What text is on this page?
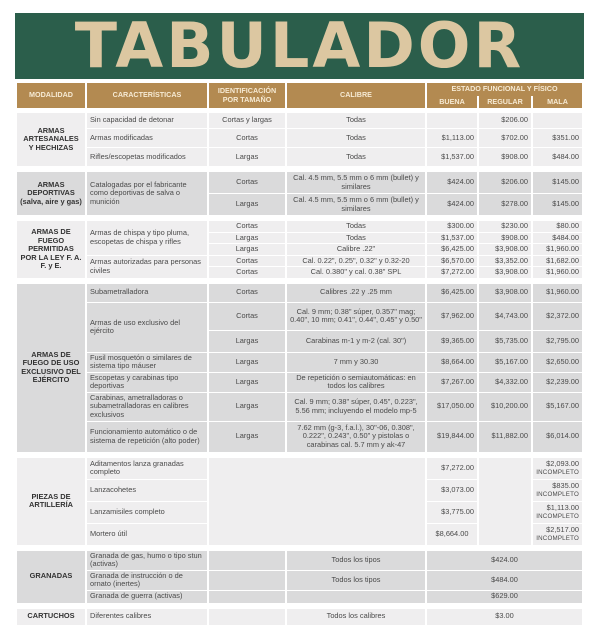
TABULADOR
MODALIDAD	CARACTERÍSTICAS	IDENTIFICACIÓN POR TAMAÑO	CALIBRE	ESTADO FUNCIONAL Y FÍSICO		
				BUENA	REGULAR	MALA

ARMAS ARTESANALES Y HECHIZAS	Sin capacidad de detonar	Cortas y largas	Todas		$206.00	
	Armas modificadas	Cortas	Todas	$1,113.00	$702.00	$351.00
	Rifles/escopetas modificados	Largas	Todas	$1,537.00	$908.00	$484.00

ARMAS DEPORTIVAS (salva, aire y gas)	Catalogadas por el fabricante como deportivas de salva o munición	Cortas	Cal. 4.5 mm, 5.5 mm o 6 mm (bullet) y similares	$424.00	$206.00	$145.00
		Largas	Cal. 4.5 mm, 5.5 mm o 6 mm (bullet) y similares	$424.00	$278.00	$145.00

ARMAS DE FUEGO PERMITIDAS POR LA LEY F. A. F. y E.	Armas de chispa y tipo pluma, escopetas de chispa y rifles	Cortas	Todas	$300.00	$230.00	$80.00
		Largas	Todas	$1,537.00	$908.00	$484.00
		Largas	Calibre .22"	$6,425.00	$3,908.00	$1,960.00
	Armas autorizadas para personas civiles	Cortas	Cal. 0.22", 0.25", 0.32" y 0.32-20	$6,570.00	$3,352.00	$1,682.00
		Cortas	Cal. 0.380" y cal. 0.38" SPL	$7,272.00	$3,908.00	$1,960.00

ARMAS DE FUEGO DE USO EXCLUSIVO DEL EJÉRCITO	Subametralladora	Cortas	Calibres .22 y .25 mm	$6,425.00	$3,908.00	$1,960.00
	Armas de uso exclusivo del ejército	Cortas	Cal. 9 mm; 0.38" súper, 0.357" mag; 0.40", 10 mm; 0.41", 0.44", 0.45" y 0.50"	$7,962.00	$4,743.00	$2,372.00
		Largas	Carabinas m-1 y m-2 (cal. 30")	$9,365.00	$5,735.00	$2,795.00
	Fusil mosquetón o similares de sistema tipo máuser	Largas	7 mm y 30.30	$8,664.00	$5,167.00	$2,650.00
	Escopetas y carabinas tipo deportivas	Largas	De repetición o semiautomáticas: en todos los calibres	$7,267.00	$4,332.00	$2,239.00
	Carabinas, ametralladoras o subametralladoras en calibres exclusivos	Largas	Cal. 9 mm; 0.38" súper, 0.45", 0.223", 5.56 mm; incluyendo el modelo mp-5	$17,050.00	$10,200.00	$5,167.00
	Funcionamiento automático o de sistema de repetición (alto poder)	Largas	7.62 mm (g-3, f.a.l.), 30"-06, 0.308", 0.222", 0.243", 0.50" y pistolas o carabinas cal. 5.7 mm y ak-47	$19,844.00	$11,882.00	$6,014.00

PIEZAS DE ARTILLERÍA	Aditamentos lanza granadas completo			$7,272.00		$2,093.00
INCOMPLETO

	Lanzacohetes			$3,073.00		$835.00
INCOMPLETO

	Lanzamisiles completo			$3,775.00		$1,113.00
INCOMPLETO

	Mortero útil			$8,664.00		$2,517.00
INCOMPLETO

GRANADAS	Granada de gas, humo o tipo stun (activas)		Todos los tipos	$424.00		
	Granada de instrucción o de ornato (inertes)		Todos los tipos	$484.00		
	Granada de guerra (activas)			$629.00		

CARTUCHOS	Diferentes calibres		Todos los calibres	$3.00		
